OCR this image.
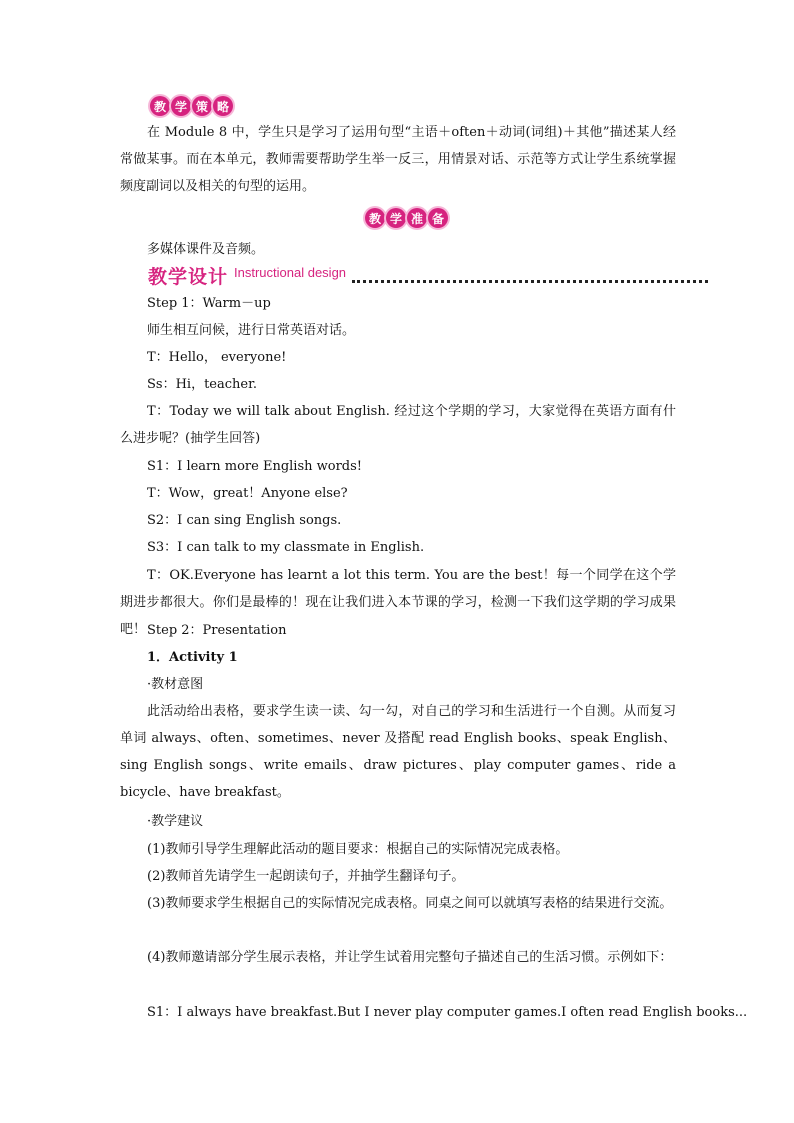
教 学 策 略

在 Module 8 中，学生只是学习了运用句型“主语＋often＋动词(词组)＋其他”描述某人经常做某事。而在本单元，教师需要帮助学生举一反三，用情景对话、示范等方式让学生系统掌握频度副词以及相关的句型的运用。

教 学 准 备

多媒体课件及音频。

教学设计 Instructional design

Step 1：Warm－up

师生相互问候，进行日常英语对话。

T：Hello， everyone!

Ss：Hi，teacher.

T：Today we will talk about English. 经过这个学期的学习，大家觉得在英语方面有什么进步呢？(抽学生回答)

S1：I learn more English words!

T：Wow，great！Anyone else?

S2：I can sing English songs.

S3：I can talk to my classmate in English.

T：OK.Everyone has learnt a lot this term. You are the best！每一个同学在这个学期进步都很大。你们是最棒的！现在让我们进入本节课的学习，检测一下我们这学期的学习成果吧！ Step 2：Presentation

1．Activity 1

·教材意图

此活动给出表格，要求学生读一读、勾一勾，对自己的学习和生活进行一个自测。从而复习单词 always、often、sometimes、never 及搭配 read English books、speak English、sing English songs、write emails、draw pictures、play computer games、ride a bicycle、have breakfast。

·教学建议

(1)教师引导学生理解此活动的题目要求：根据自己的实际情况完成表格。

(2)教师首先请学生一起朗读句子，并抽学生翻译句子。

(3)教师要求学生根据自己的实际情况完成表格。同桌之间可以就填写表格的结果进行交流。

(4)教师邀请部分学生展示表格，并让学生试着用完整句子描述自己的生活习惯。示例如下：

S1：I always have breakfast.But I never play computer games.I often read English books...
